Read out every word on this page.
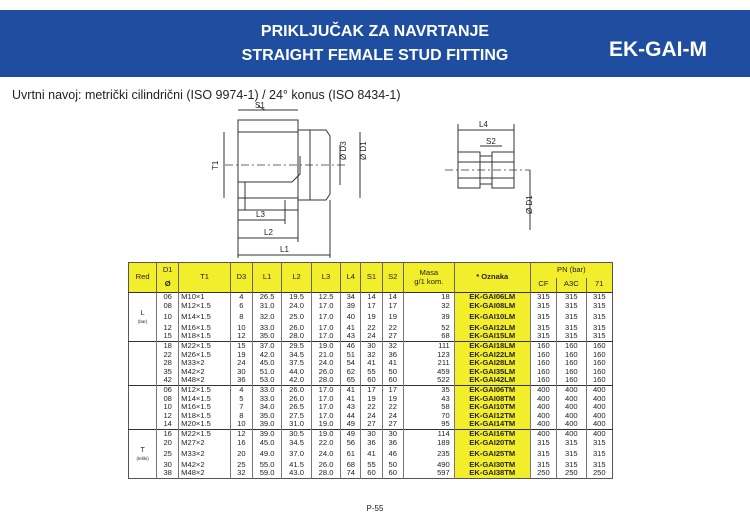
PRIKLJUČAK ZA NAVRTANJE
STRAIGHT FEMALE STUD FITTING	EK-GAI-M
Uvrtni navoj: metrički cilindrični (ISO 9974-1) / 24° konus (ISO 8434-1)
S1
T1
Ø D3 Ø D1
L3
L2
L1
L4
S2
Ø D1
Red	D1	T1	D3	L1	L2	L3	L4	S1	S2	Masa
g/1 kom.	* Oznaka	PN (bar)		
	Ø											CF	A3C	71
	06	M10×1	4	26.5	19.5	12.5	34	14	14	18	EK-GAI06LM	315	315	315
	08	M12×1.5	6	31.0	24.0	17.0	39	17	17	32	EK-GAI08LM	315	315	315
L
(bar)	10	M14×1.5	8	32.0	25.0	17.0	40	19	19	39	EK-GAI10LM	315	315	315
	12	M16×1.5	10	33.0	26.0	17.0	41	22	22	52	EK-GAI12LM	315	315	315
	15	M18×1.5	12	35.0	28.0	17.0	43	24	27	68	EK-GAI15LM	315	315	315
	18	M22×1.5	15	37.0	29.5	19.0	46	30	32	111	EK-GAI18LM	160	160	160
	22	M26×1.5	19	42.0	34.5	21.0	51	32	36	123	EK-GAI22LM	160	160	160
	28	M33×2	24	45.0	37.5	24.0	54	41	41	211	EK-GAI28LM	160	160	160
	35	M42×2	30	51.0	44.0	26.0	62	55	50	459	EK-GAI35LM	160	160	160
	42	M48×2	36	53.0	42.0	28.0	65	60	60	522	EK-GAI42LM	160	160	160
	06	M12×1.5	4	33.0	26.0	17.0	41	17	17	35	EK-GAI06TM	400	400	400
	08	M14×1.5	5	33.0	26.0	17.0	41	19	19	43	EK-GAI08TM	400	400	400
	10	M16×1.5	7	34.0	26.5	17.0	43	22	22	58	EK-GAI10TM	400	400	400
	12	M18×1.5	8	35.0	27.5	17.0	44	24	24	70	EK-GAI12TM	400	400	400
	14	M20×1.5	10	39.0	31.0	19.0	49	27	27	95	EK-GAI14TM	400	400	400
	16	M22×1.5	12	39.0	30.5	19.0	49	30	30	114	EK-GAI16TM	400	400	400
	20	M27×2	16	45.0	34.5	22.0	56	36	36	189	EK-GAI20TM	315	315	315
T
(teški)	25	M33×2	20	49.0	37.0	24.0	61	41	46	235	EK-GAI25TM	315	315	315
	30	M42×2	25	55.0	41.5	26.0	68	55	50	490	EK-GAI30TM	315	315	315
	38	M48×2	32	59.0	43.0	28.0	74	60	60	597	EK-GAI38TM	250	250	250
P-55
